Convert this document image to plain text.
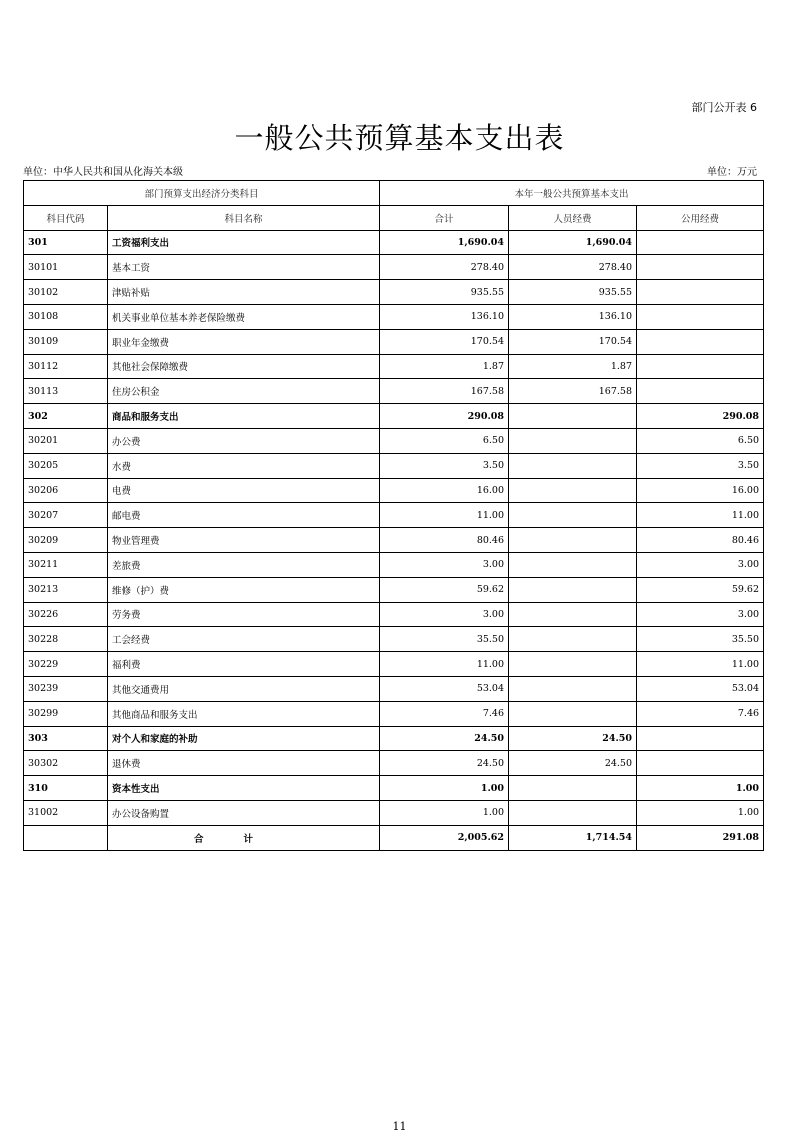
部门公开表 6
一般公共预算基本支出表
单位：中华人民共和国从化海关本级	单位：万元
部门预算支出经济分类科目		本年一般公共预算基本支出		
科目代码	科目名称	合计	人员经费	公用经费
301	工资福利支出	1,690.04	1,690.04	
30101	基本工资	278.40	278.40	
30102	津贴补贴	935.55	935.55	
30108	机关事业单位基本养老保险缴费	136.10	136.10	
30109	职业年金缴费	170.54	170.54	
30112	其他社会保障缴费	1.87	1.87	
30113	住房公积金	167.58	167.58	
302	商品和服务支出	290.08		290.08
30201	办公费	6.50		6.50
30205	水费	3.50		3.50
30206	电费	16.00		16.00
30207	邮电费	11.00		11.00
30209	物业管理费	80.46		80.46
30211	差旅费	3.00		3.00
30213	维修（护）费	59.62		59.62
30226	劳务费	3.00		3.00
30228	工会经费	35.50		35.50
30229	福利费	11.00		11.00
30239	其他交通费用	53.04		53.04
30299	其他商品和服务支出	7.46		7.46
303	对个人和家庭的补助	24.50	24.50	
30302	退休费	24.50	24.50	
310	资本性支出	1.00		1.00
31002	办公设备购置	1.00		1.00
	合计	2,005.62	1,714.54	291.08
11
